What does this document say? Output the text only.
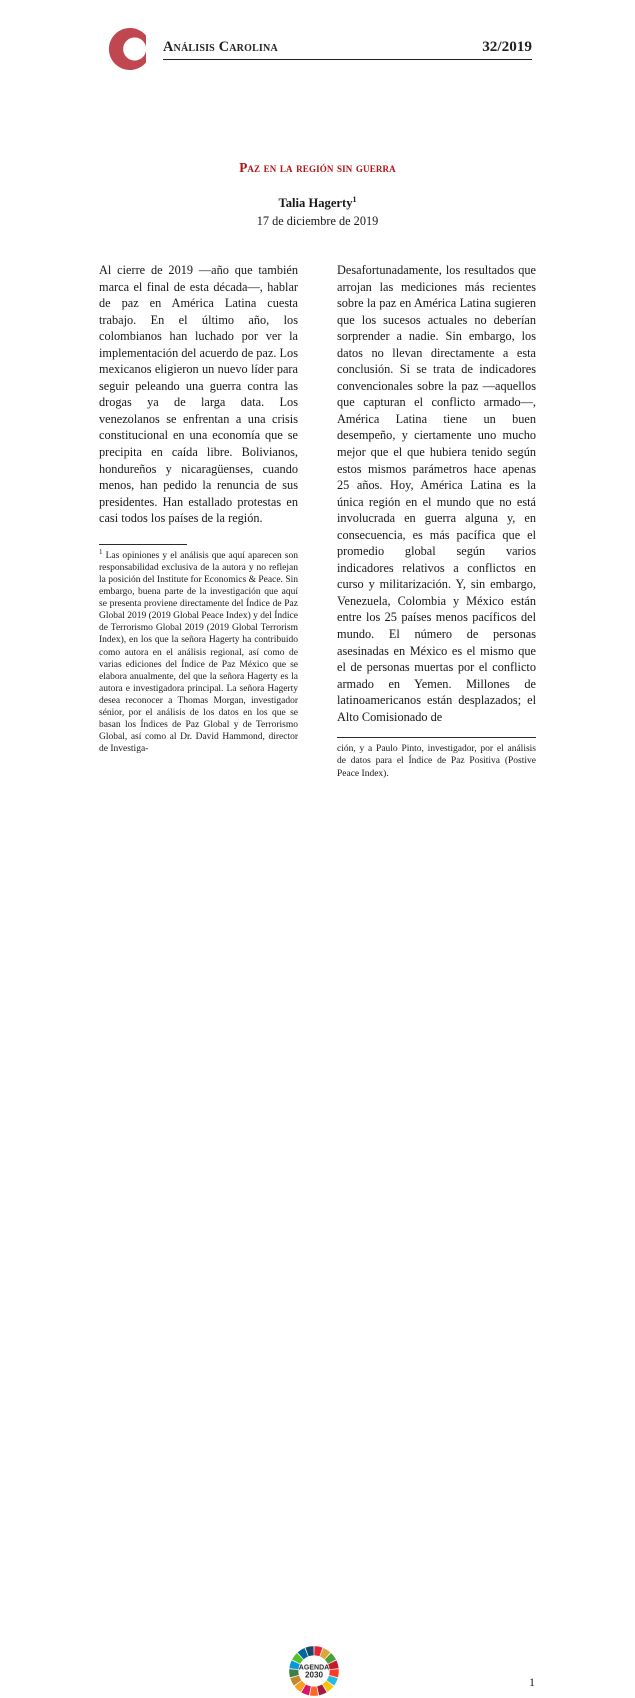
Análisis Carolina	32/2019
Paz en la región sin guerra
Talia Hagerty$^1$
17 de diciembre de 2019

Al cierre de 2019 —año que también marca el final de esta década—, hablar de paz en América Latina cuesta trabajo. En el último año, los colombianos han luchado por ver la implementación del acuerdo de paz. Los mexicanos eligieron un nuevo líder para seguir peleando una guerra contra las drogas ya de larga data. Los venezolanos se enfrentan a una crisis constitucional en una economía que se precipita en caída libre. Bolivianos, hondureños y nicaragüenses, cuando menos, han pedido la renuncia de sus presidentes. Han estallado protestas en casi todos los países de la región.

$^1$ Las opiniones y el análisis que aquí aparecen son responsabilidad exclusiva de la autora y no reflejan la posición del Institute for Economics & Peace. Sin embargo, buena parte de la investigación que aquí se presenta proviene directamente del Índice de Paz Global 2019 (2019 Global Peace Index) y del Índice de Terrorismo Global 2019 (2019 Global Terrorism Index), en los que la señora Hagerty ha contribuido como autora en el análisis regional, así como de varias ediciones del Índice de Paz México que se elabora anualmente, del que la señora Hagerty es la autora e investigadora principal. La señora Hagerty desea reconocer a Thomas Morgan, investigador sénior, por el análisis de los datos en los que se basan los Índices de Paz Global y de Terrorismo Global, así como al Dr. David Hammond, director de Investiga-

Desafortunadamente, los resultados que arrojan las mediciones más recientes sobre la paz en América Latina sugieren que los sucesos actuales no deberían sorprender a nadie. Sin embargo, los datos no llevan directamente a esta conclusión. Si se trata de indicadores convencionales sobre la paz —aquellos que capturan el conflicto armado—, América Latina tiene un buen desempeño, y ciertamente uno mucho mejor que el que hubiera tenido según estos mismos parámetros hace apenas 25 años. Hoy, América Latina es la única región en el mundo que no está involucrada en guerra alguna y, en consecuencia, es más pacífica que el promedio global según varios indicadores relativos a conflictos en curso y militarización. Y, sin embargo, Venezuela, Colombia y México están entre los 25 países menos pacíficos del mundo. El número de personas asesinadas en México es el mismo que el de personas muertas por el conflicto armado en Yemen. Millones de latinoamericanos están desplazados; el Alto Comisionado de

ción, y a Paulo Pinto, investigador, por el análisis de datos para el Índice de Paz Positiva (Postive Peace Index).

AGENDA
2030
1
